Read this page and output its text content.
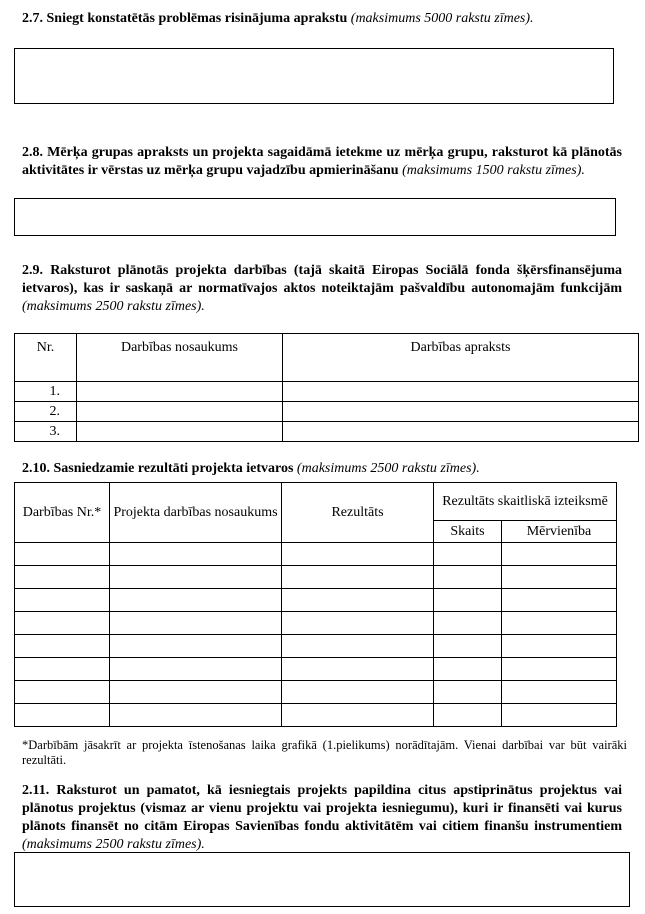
2.7. Sniegt konstatētās problēmas risinājuma aprakstu (maksimums 5000 rakstu zīmes).
2.8. Mērķa grupas apraksts un projekta sagaidāmā ietekme uz mērķa grupu, raksturot kā plānotās aktivitātes ir vērstas uz mērķa grupu vajadzību apmierināšanu (maksimums 1500 rakstu zīmes).
2.9. Raksturot plānotās projekta darbības (tajā skaitā Eiropas Sociālā fonda šķērsfinansējuma ietvaros), kas ir saskaņā ar normatīvajos aktos noteiktajām pašvaldību autonomajām funkcijām (maksimums 2500 rakstu zīmes).
Nr.	Darbības nosaukums	Darbības apraksts
1.		
2.		
3.		
2.10. Sasniedzamie rezultāti projekta ietvaros (maksimums 2500 rakstu zīmes).
Darbības Nr.*	Projekta darbības nosaukums	Rezultāts	Rezultāts skaitliskā izteiksmē	
			Skaits	Mērvienība

*Darbībām jāsakrīt ar projekta īstenošanas laika grafikā (1.pielikums) norādītajām. Vienai darbībai var būt vairāki rezultāti.
2.11. Raksturot un pamatot, kā iesniegtais projekts papildina citus apstiprinātus projektus vai plānotus projektus (vismaz ar vienu projektu vai projekta iesniegumu), kuri ir finansēti vai kurus plānots finansēt no citām Eiropas Savienības fondu aktivitātēm vai citiem finanšu instrumentiem (maksimums 2500 rakstu zīmes).
